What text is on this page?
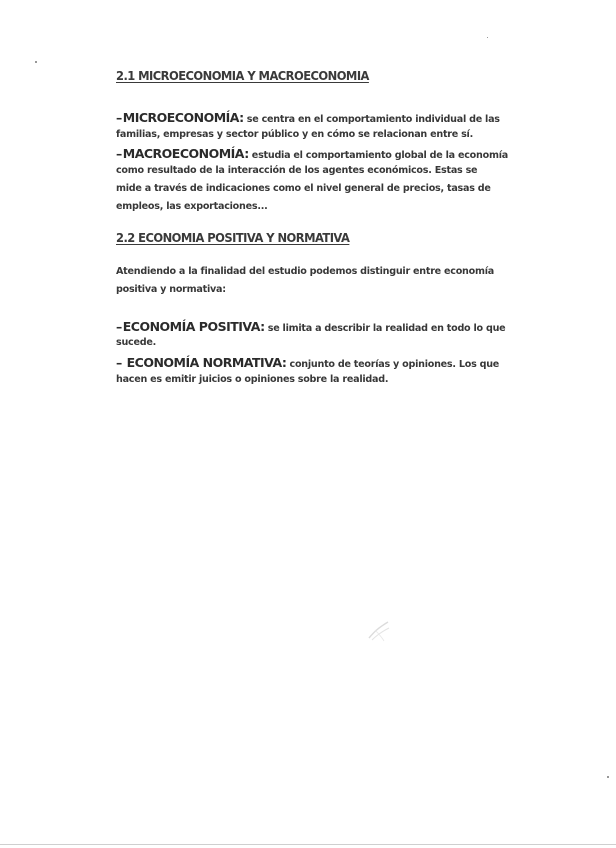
2.1 MICROECONOMIA Y MACROECONOMIA
–MICROECONOMÍA: se centra en el comportamiento individual de las
familias, empresas y sector público y en cómo se relacionan entre sí.
–MACROECONOMÍA: estudia el comportamiento global de la economía
como resultado de la interacción de los agentes económicos. Estas se
mide a través de indicaciones como el nivel general de precios, tasas de
empleos, las exportaciones...
2.2 ECONOMIA POSITIVA Y NORMATIVA
Atendiendo a la finalidad del estudio podemos distinguir entre economía
positiva y normativa:
–ECONOMÍA POSITIVA: se limita a describir la realidad en todo lo que
sucede.
– ECONOMÍA NORMATIVA: conjunto de teorías y opiniones. Los que
hacen es emitir juicios o opiniones sobre la realidad.
